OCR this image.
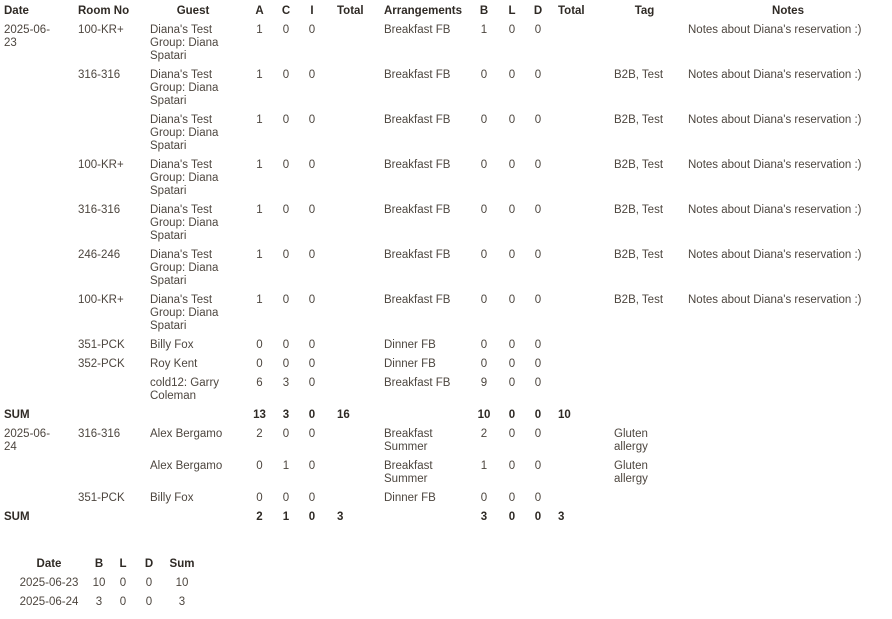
Date	Room No	Guest	A	C	I	Total	Arrangements	B	L	D	Total	Tag	Notes
2025-06-23	100-KR+	Diana's Test Group: Diana Spatari	1	0	0		Breakfast FB	1	0	0			Notes about Diana's reservation :)
	316-316	Diana's Test Group: Diana Spatari	1	0	0		Breakfast FB	0	0	0		B2B, Test	Notes about Diana's reservation :)
		Diana's Test Group: Diana Spatari	1	0	0		Breakfast FB	0	0	0		B2B, Test	Notes about Diana's reservation :)
	100-KR+	Diana's Test Group: Diana Spatari	1	0	0		Breakfast FB	0	0	0		B2B, Test	Notes about Diana's reservation :)
	316-316	Diana's Test Group: Diana Spatari	1	0	0		Breakfast FB	0	0	0		B2B, Test	Notes about Diana's reservation :)
	246-246	Diana's Test Group: Diana Spatari	1	0	0		Breakfast FB	0	0	0		B2B, Test	Notes about Diana's reservation :)
	100-KR+	Diana's Test Group: Diana Spatari	1	0	0		Breakfast FB	0	0	0		B2B, Test	Notes about Diana's reservation :)
	351-PCK	Billy Fox	0	0	0		Dinner FB	0	0	0			
	352-PCK	Roy Kent	0	0	0		Dinner FB	0	0	0			
		cold12: Garry Coleman	6	3	0		Breakfast FB	9	0	0			
SUM			13	3	0	16		10	0	0	10		
2025-06-24	316-316	Alex Bergamo	2	0	0		Breakfast Summer	2	0	0		Gluten allergy	
		Alex Bergamo	0	1	0		Breakfast Summer	1	0	0		Gluten allergy	
	351-PCK	Billy Fox	0	0	0		Dinner FB	0	0	0			
SUM			2	1	0	3		3	0	0	3		
Date	B	L	D	Sum
2025-06-23	10	0	0	10
2025-06-24	3	0	0	3
